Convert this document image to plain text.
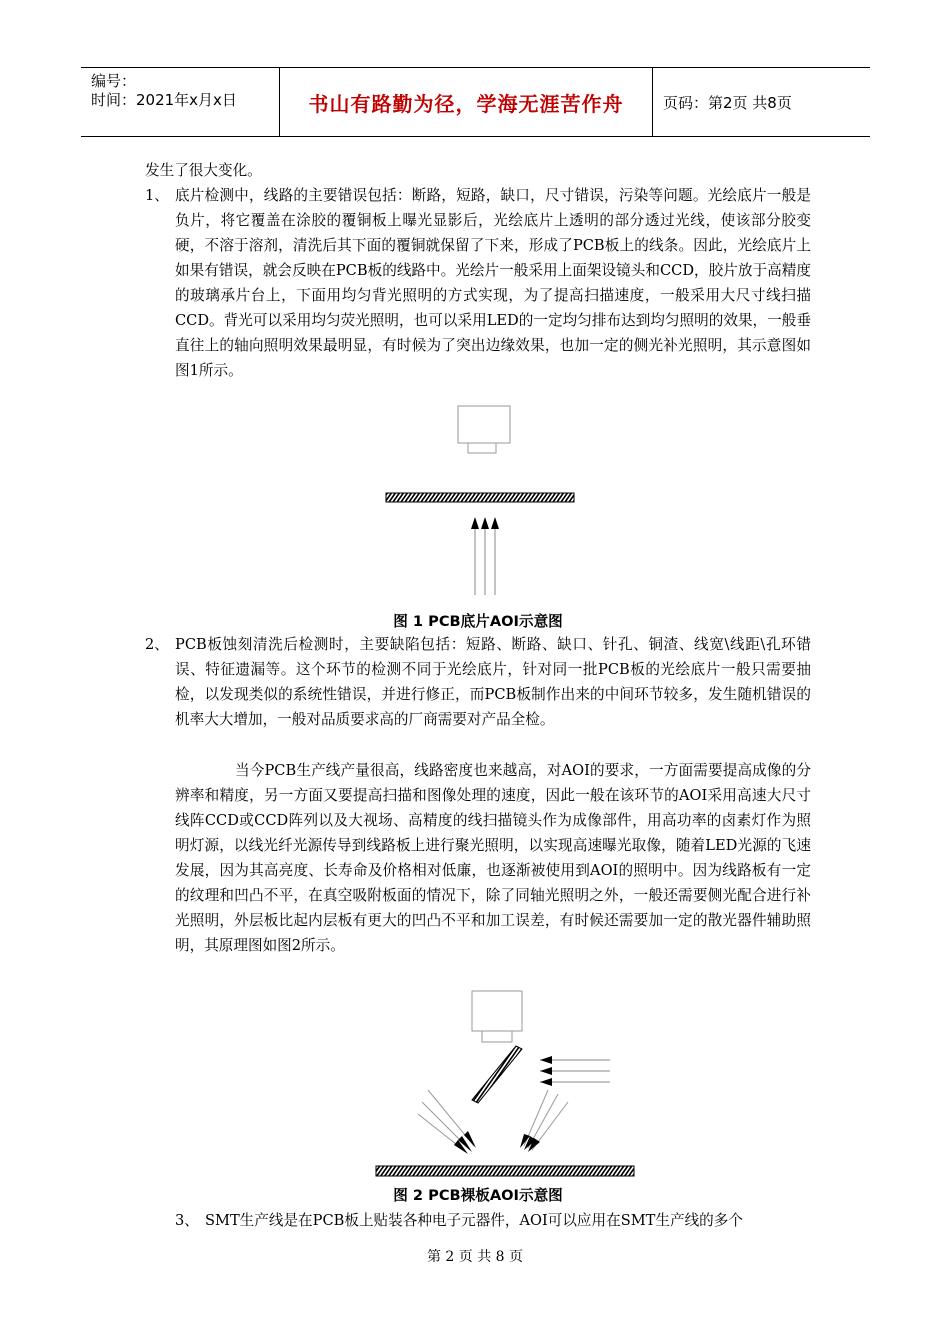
编号：
时间：2021年x月x日	书山有路勤为径，学海无涯苦作舟	页码：第2页 共8页

发生了很大变化。

1、 底片检测中，线路的主要错误包括：断路，短路，缺口，尺寸错误，污染等问题。光绘底片一般是负片，将它覆盖在涂胶的覆铜板上曝光显影后，光绘底片上透明的部分透过光线，使该部分胶变硬，不溶于溶剂，清洗后其下面的覆铜就保留了下来，形成了PCB板上的线条。因此，光绘底片上如果有错误，就会反映在PCB板的线路中。光绘片一般采用上面架设镜头和CCD，胶片放于高精度的玻璃承片台上，下面用均匀背光照明的方式实现，为了提高扫描速度，一般采用大尺寸线扫描CCD。背光可以采用均匀荧光照明，也可以采用LED的一定均匀排布达到均匀照明的效果，一般垂直往上的轴向照明效果最明显，有时候为了突出边缘效果，也加一定的侧光补光照明，其示意图如图1所示。
图 1 PCB底片AOI示意图
2、 PCB板蚀刻清洗后检测时，主要缺陷包括：短路、断路、缺口、针孔、铜渣、线宽\线距\孔环错误、特征遗漏等。这个环节的检测不同于光绘底片，针对同一批PCB板的光绘底片一般只需要抽检，以发现类似的系统性错误，并进行修正，而PCB板制作出来的中间环节较多，发生随机错误的机率大大增加，一般对品质要求高的厂商需要对产品全检。

当今PCB生产线产量很高，线路密度也来越高，对AOI的要求，一方面需要提高成像的分辨率和精度，另一方面又要提高扫描和图像处理的速度，因此一般在该环节的AOI采用高速大尺寸线阵CCD或CCD阵列以及大视场、高精度的线扫描镜头作为成像部件，用高功率的卤素灯作为照明灯源，以线光纤光源传导到线路板上进行聚光照明，以实现高速曝光取像，随着LED光源的飞速发展，因为其高亮度、长寿命及价格相对低廉，也逐渐被使用到AOI的照明中。因为线路板有一定的纹理和凹凸不平，在真空吸附板面的情况下，除了同轴光照明之外，一般还需要侧光配合进行补光照明，外层板比起内层板有更大的凹凸不平和加工误差，有时候还需要加一定的散光器件辅助照明，其原理图如图2所示。

图 2 PCB裸板AOI示意图
3、 SMT生产线是在PCB板上贴装各种电子元器件，AOI可以应用在SMT生产线的多个
第 2 页 共 8 页
